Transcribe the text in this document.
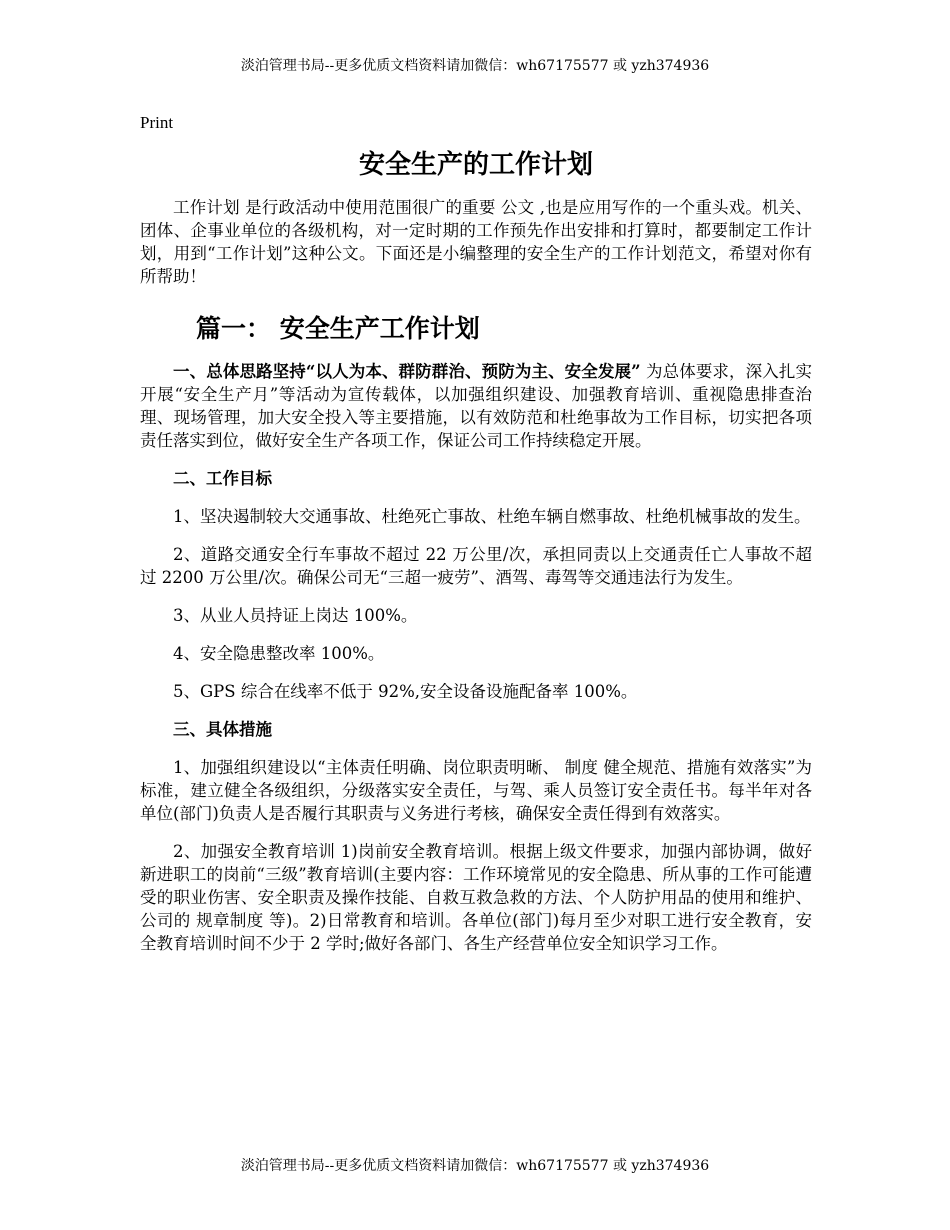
淡泊管理书局--更多优质文档资料请加微信：wh67175577 或 yzh374936
Print
安全生产的工作计划

工作计划 是行政活动中使用范围很广的重要 公文 ,也是应用写作的一个重头戏。机关、团体、企事业单位的各级机构，对一定时期的工作预先作出安排和打算时，都要制定工作计划，用到“工作计划”这种公文。下面还是小编整理的安全生产的工作计划范文，希望对你有所帮助！

篇一： 安全生产工作计划

一、总体思路坚持“以人为本、群防群治、预防为主、安全发展” 为总体要求，深入扎实开展“安全生产月”等活动为宣传载体，以加强组织建设、加强教育培训、重视隐患排查治理、现场管理，加大安全投入等主要措施，以有效防范和杜绝事故为工作目标，切实把各项责任落实到位，做好安全生产各项工作，保证公司工作持续稳定开展。

二、工作目标

1、坚决遏制较大交通事故、杜绝死亡事故、杜绝车辆自燃事故、杜绝机械事故的发生。

2、道路交通安全行车事故不超过 22 万公里/次，承担同责以上交通责任亡人事故不超过 2200 万公里/次。确保公司无“三超一疲劳”、酒驾、毒驾等交通违法行为发生。

3、从业人员持证上岗达 100%。

4、安全隐患整改率 100%。

5、GPS 综合在线率不低于 92%,安全设备设施配备率 100%。

三、具体措施

1、加强组织建设以“主体责任明确、岗位职责明晰、 制度 健全规范、措施有效落实”为标准，建立健全各级组织，分级落实安全责任，与驾、乘人员签订安全责任书。每半年对各单位(部门)负责人是否履行其职责与义务进行考核，确保安全责任得到有效落实。

2、加强安全教育培训 1)岗前安全教育培训。根据上级文件要求，加强内部协调，做好新进职工的岗前“三级”教育培训(主要内容：工作环境常见的安全隐患、所从事的工作可能遭受的职业伤害、安全职责及操作技能、自救互救急救的方法、个人防护用品的使用和维护、公司的 规章制度 等)。2)日常教育和培训。各单位(部门)每月至少对职工进行安全教育，安全教育培训时间不少于 2 学时;做好各部门、各生产经营单位安全知识学习工作。

淡泊管理书局--更多优质文档资料请加微信：wh67175577 或 yzh374936
